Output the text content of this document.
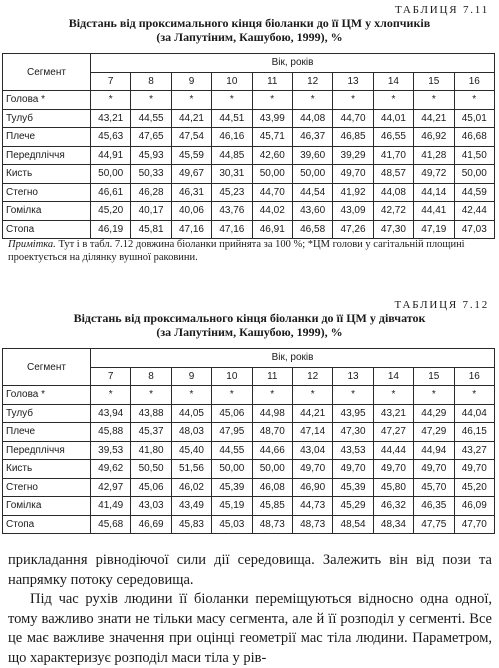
ТАБЛИЦЯ 7.11
Відстань від проксимального кінця біоланки до її ЦМ у хлопчиків
(за Лапутіним, Кашубою, 1999), %
Сегмент	Вік, років									
	7	8	9	10	11	12	13	14	15	16
Голова *	*	*	*	*	*	*	*	*	*	*
Тулуб	43,21	44,55	44,21	44,51	43,99	44,08	44,70	44,01	44,21	45,01
Плече	45,63	47,65	47,54	46,16	45,71	46,37	46,85	46,55	46,92	46,68
Передпліччя	44,91	45,93	45,59	44,85	42,60	39,60	39,29	41,70	41,28	41,50
Кисть	50,00	50,33	49,67	30,31	50,00	50,00	49,70	48,57	49,72	50,00
Стегно	46,61	46,28	46,31	45,23	44,70	44,54	41,92	44,08	44,14	44,59
Гомілка	45,20	40,17	40,06	43,76	44,02	43,60	43,09	42,72	44,41	42,44
Стопа	46,19	45,81	47,16	47,16	46,91	46,58	47,26	47,30	47,19	47,03
Примітка. Тут і в табл. 7.12 довжина біоланки прийнята за 100 %; *ЦМ голови у сагітальній площині проектується на ділянку вушної раковини.
ТАБЛИЦЯ 7.12
Відстань від проксимального кінця біоланки до її ЦМ у дівчаток
(за Лапутіним, Кашубою, 1999), %
Сегмент	Вік, років									
	7	8	9	10	11	12	13	14	15	16
Голова *	*	*	*	*	*	*	*	*	*	*
Тулуб	43,94	43,88	44,05	45,06	44,98	44,21	43,95	43,21	44,29	44,04
Плече	45,88	45,37	48,03	47,95	48,70	47,14	47,30	47,27	47,29	46,15
Передпліччя	39,53	41,80	45,40	44,55	44,66	43,04	43,53	44,44	44,94	43,27
Кисть	49,62	50,50	51,56	50,00	50,00	49,70	49,70	49,70	49,70	49,70
Стегно	42,97	45,06	46,02	45,39	46,08	46,90	45,39	45,80	45,70	45,20
Гомілка	41,49	43,03	43,49	45,19	45,85	44,73	45,29	46,32	46,35	46,09
Стопа	45,68	46,69	45,83	45,03	48,73	48,73	48,54	48,34	47,75	47,70

прикладання рівнодіючої сили дії середовища. Залежить він від пози та напрямку потоку середовища.

Під час рухів людини її біоланки переміщуються відносно одна одної, тому важливо знати не тільки масу сегмента, але й її розподіл у сегменті. Все це має важливе значення при оцінці геометрії мас тіла людини. Параметром, що характеризує розподіл маси тіла у рів-
